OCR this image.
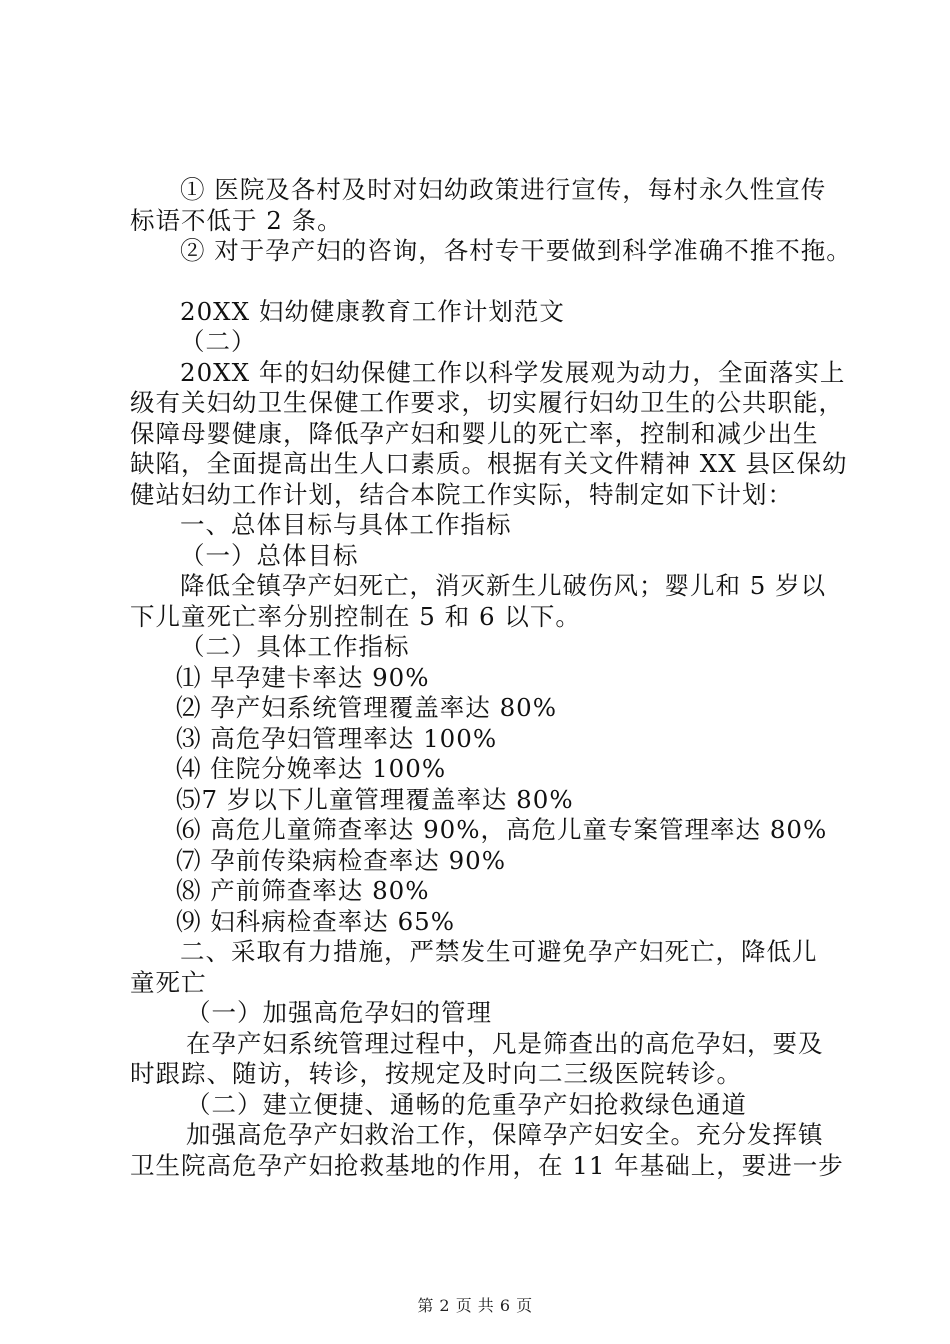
① 医院及各村及时对妇幼政策进行宣传，每村永久性宣传
标语不低于 2 条。
② 对于孕产妇的咨询，各村专干要做到科学准确不推不拖。
20XX 妇幼健康教育工作计划范文
（二）
20XX 年的妇幼保健工作以科学发展观为动力，全面落实上
级有关妇幼卫生保健工作要求，切实履行妇幼卫生的公共职能，
保障母婴健康，降低孕产妇和婴儿的死亡率，控制和减少出生
缺陷，全面提高出生人口素质。根据有关文件精神 XX 县区保幼
健站妇幼工作计划，结合本院工作实际，特制定如下计划：
一、总体目标与具体工作指标
（一）总体目标
降低全镇孕产妇死亡，消灭新生儿破伤风；婴儿和 5 岁以
下儿童死亡率分别控制在 5 和 6 以下。
（二）具体工作指标
⑴ 早孕建卡率达 90%
⑵ 孕产妇系统管理覆盖率达 80%
⑶ 高危孕妇管理率达 100%
⑷ 住院分娩率达 100%
⑸7 岁以下儿童管理覆盖率达 80%
⑹ 高危儿童筛查率达 90%，高危儿童专案管理率达 80%
⑺ 孕前传染病检查率达 90%
⑻ 产前筛查率达 80%
⑼ 妇科病检查率达 65%
二、采取有力措施，严禁发生可避免孕产妇死亡，降低儿
童死亡
（一）加强高危孕妇的管理
在孕产妇系统管理过程中，凡是筛查出的高危孕妇，要及
时跟踪、随访，转诊，按规定及时向二三级医院转诊。
（二）建立便捷、通畅的危重孕产妇抢救绿色通道
加强高危孕产妇救治工作，保障孕产妇安全。充分发挥镇
卫生院高危孕产妇抢救基地的作用，在 11 年基础上，要进一步
第 2 页 共 6 页
